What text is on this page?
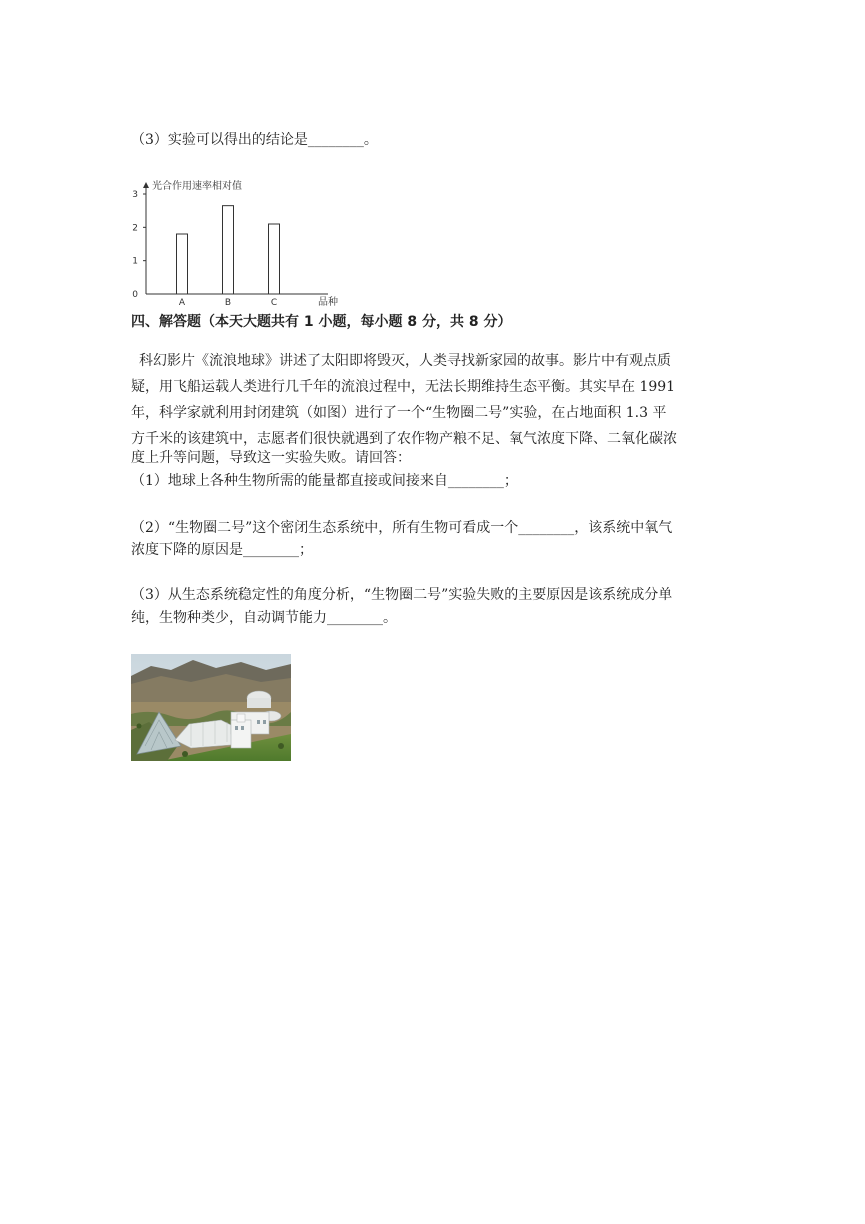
（3）实验可以得出的结论是________。
0
1
2
3
光合作用速率相对值
品种
A	B	C
四、解答题（本天大题共有 1 小题，每小题 8 分，共 8 分）
科幻影片《流浪地球》讲述了太阳即将毁灭，人类寻找新家园的故事。影片中有观点质
疑，用飞船运载人类进行几千年的流浪过程中，无法长期维持生态平衡。其实早在 1991
年，科学家就利用封闭建筑（如图）进行了一个“生物圈二号”实验，在占地面积 1.3 平
方千米的该建筑中，志愿者们很快就遇到了农作物产粮不足、氧气浓度下降、二氧化碳浓
度上升等问题，导致这一实验失败。请回答：
（1）地球上各种生物所需的能量都直接或间接来自________；
（2）“生物圈二号”这个密闭生态系统中，所有生物可看成一个________，该系统中氧气
浓度下降的原因是________；
（3）从生态系统稳定性的角度分析，“生物圈二号”实验失败的主要原因是该系统成分单
纯，生物种类少，自动调节能力________。
